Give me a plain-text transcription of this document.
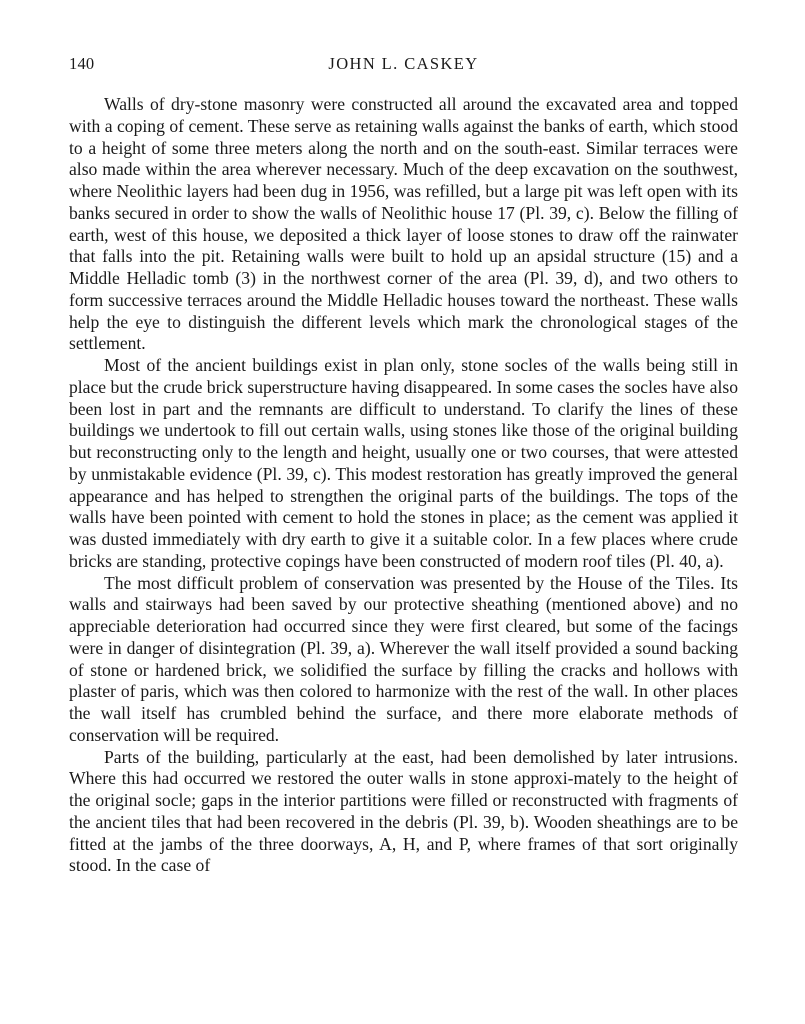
140	JOHN L. CASKEY

Walls of dry-stone masonry were constructed all around the excavated area and topped with a coping of cement. These serve as retaining walls against the banks of earth, which stood to a height of some three meters along the north and on the south-east. Similar terraces were also made within the area wherever necessary. Much of the deep excavation on the southwest, where Neolithic layers had been dug in 1956, was refilled, but a large pit was left open with its banks secured in order to show the walls of Neolithic house 17 (Pl. 39, c). Below the filling of earth, west of this house, we deposited a thick layer of loose stones to draw off the rainwater that falls into the pit. Retaining walls were built to hold up an apsidal structure (15) and a Middle Helladic tomb (3) in the northwest corner of the area (Pl. 39, d), and two others to form successive terraces around the Middle Helladic houses toward the northeast. These walls help the eye to distinguish the different levels which mark the chronological stages of the settlement.

Most of the ancient buildings exist in plan only, stone socles of the walls being still in place but the crude brick superstructure having disappeared. In some cases the socles have also been lost in part and the remnants are difficult to understand. To clarify the lines of these buildings we undertook to fill out certain walls, using stones like those of the original building but reconstructing only to the length and height, usually one or two courses, that were attested by unmistakable evidence (Pl. 39, c). This modest restoration has greatly improved the general appearance and has helped to strengthen the original parts of the buildings. The tops of the walls have been pointed with cement to hold the stones in place; as the cement was applied it was dusted immediately with dry earth to give it a suitable color. In a few places where crude bricks are standing, protective copings have been constructed of modern roof tiles (Pl. 40, a).

The most difficult problem of conservation was presented by the House of the Tiles. Its walls and stairways had been saved by our protective sheathing (mentioned above) and no appreciable deterioration had occurred since they were first cleared, but some of the facings were in danger of disintegration (Pl. 39, a). Wherever the wall itself provided a sound backing of stone or hardened brick, we solidified the surface by filling the cracks and hollows with plaster of paris, which was then colored to harmonize with the rest of the wall. In other places the wall itself has crumbled behind the surface, and there more elaborate methods of conservation will be required.

Parts of the building, particularly at the east, had been demolished by later intrusions. Where this had occurred we restored the outer walls in stone approxi-mately to the height of the original socle; gaps in the interior partitions were filled or reconstructed with fragments of the ancient tiles that had been recovered in the debris (Pl. 39, b). Wooden sheathings are to be fitted at the jambs of the three doorways, A, H, and P, where frames of that sort originally stood. In the case of
